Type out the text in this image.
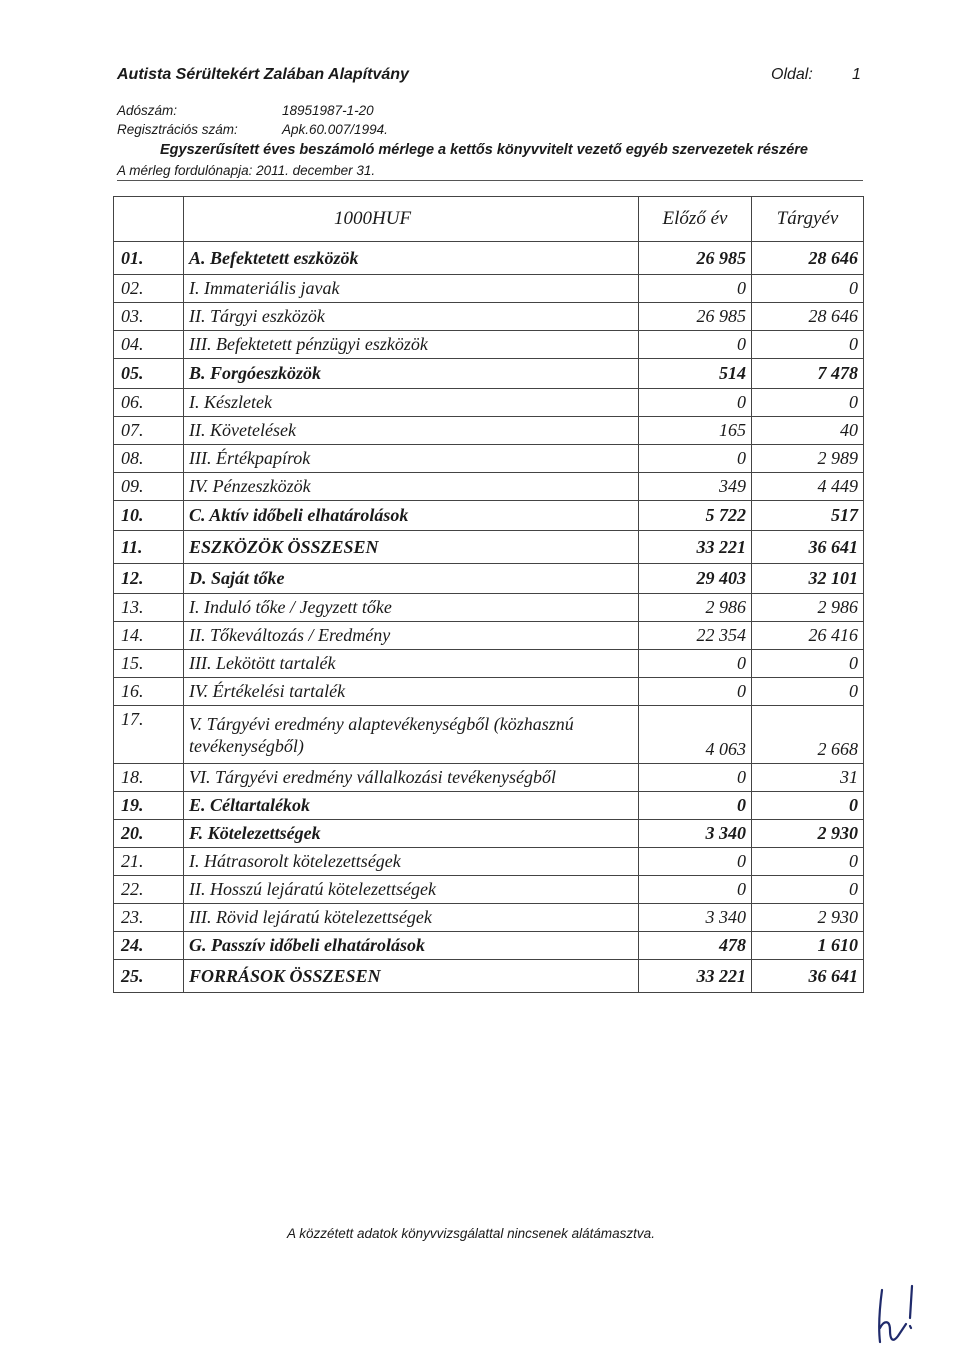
Autista Sérültekért Zalában Alapítvány	Oldal: 1
Adószám:	18951987-1-20
Regisztrációs szám:	Apk.60.007/1994.
Egyszerűsített éves beszámoló mérlege a kettős könyvvitelt vezető egyéb szervezetek részére
A mérleg fordulónapja: 2011. december 31.
	1000HUF	Előző év	Tárgyév
01.	A. Befektetett eszközök	26 985	28 646
02.	I. Immateriális javak	0	0
03.	II. Tárgyi eszközök	26 985	28 646
04.	III. Befektetett pénzügyi eszközök	0	0
05.	B. Forgóeszközök	514	7 478
06.	I. Készletek	0	0
07.	II. Követelések	165	40
08.	III. Értékpapírok	0	2 989
09.	IV. Pénzeszközök	349	4 449
10.	C. Aktív időbeli elhatárolások	5 722	517
11.	ESZKÖZÖK ÖSSZESEN	33 221	36 641
12.	D. Saját tőke	29 403	32 101
13.	I. Induló tőke / Jegyzett tőke	2 986	2 986
14.	II. Tőkeváltozás / Eredmény	22 354	26 416
15.	III. Lekötött tartalék	0	0
16.	IV. Értékelési tartalék	0	0
17.	V. Tárgyévi eredmény alaptevékenységből (közhasznú tevékenységből)	4 063	2 668
18.	VI. Tárgyévi eredmény vállalkozási tevékenységből	0	31
19.	E. Céltartalékok	0	0
20.	F. Kötelezettségek	3 340	2 930
21.	I. Hátrasorolt kötelezettségek	0	0
22.	II. Hosszú lejáratú kötelezettségek	0	0
23.	III. Rövid lejáratú kötelezettségek	3 340	2 930
24.	G. Passzív időbeli elhatárolások	478	1 610
25.	FORRÁSOK ÖSSZESEN	33 221	36 641
A közzétett adatok könyvvizsgálattal nincsenek alátámasztva.
